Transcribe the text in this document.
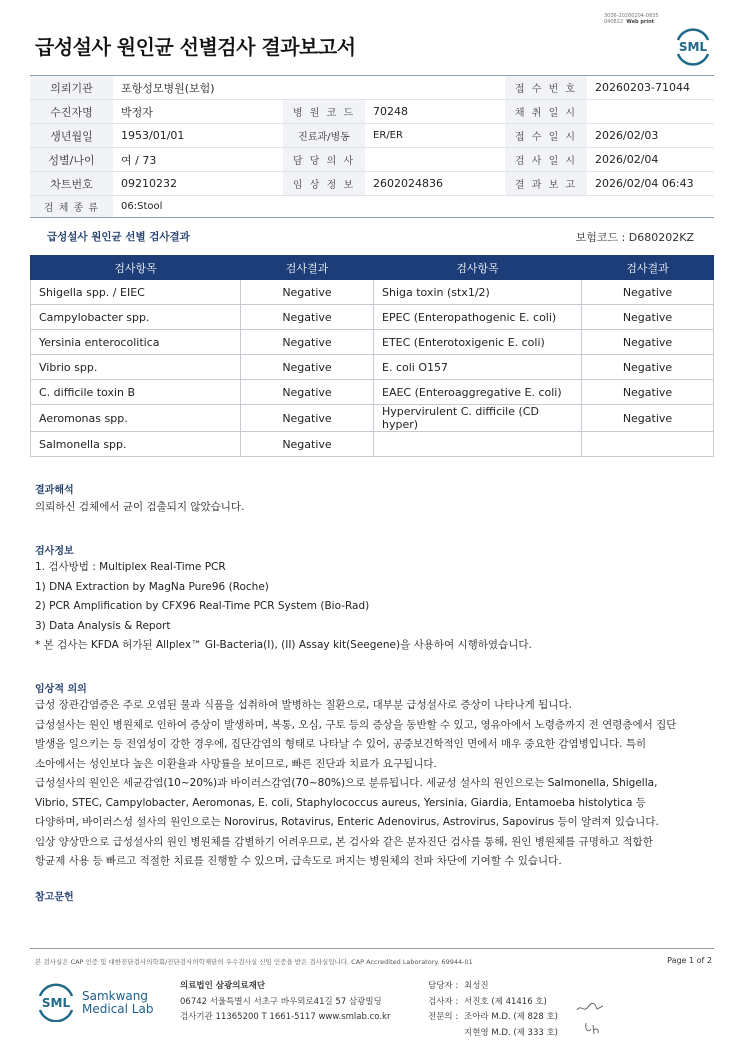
3036-20260204-0835
040822 Web print
급성설사 원인균 선별검사 결과보고서	SML
의뢰기관	포항성모병원(보험)			접 수 번 호	20260203-71044
수진자명	박정자	병 원 코 드	70248	채 취 일 시	
생년월일	1953/01/01	진료과/병동	ER/ER	접 수 일 시	2026/02/03
성별/나이	여 / 73	담 당 의 사		검 사 일 시	2026/02/04
차트번호	09210232	임 상 정 보	2602024836	결 과 보 고	2026/02/04 06:43
검 체 종 류	06:Stool				
급성설사 원인균 선별 검사결과	보험코드 : D680202KZ
검사항목	검사결과	검사항목	검사결과
Shigella spp. / EIEC	Negative	Shiga toxin (stx1/2)	Negative
Campylobacter spp.	Negative	EPEC (Enteropathogenic E. coli)	Negative
Yersinia enterocolitica	Negative	ETEC (Enterotoxigenic E. coli)	Negative
Vibrio spp.	Negative	E. coli O157	Negative
C. difficile toxin B	Negative	EAEC (Enteroaggregative E. coli)	Negative
Aeromonas spp.	Negative	Hypervirulent C. difficile (CD hyper)	Negative
Salmonella spp.	Negative		
결과해석
의뢰하신 검체에서 균이 검출되지 않았습니다.
검사정보
1. 검사방법 : Multiplex Real-Time PCR
1) DNA Extraction by MagNa Pure96 (Roche)
2) PCR Amplification by CFX96 Real-Time PCR System (Bio-Rad)
3) Data Analysis & Report
* 본 검사는 KFDA 허가된 Allplex™ GI-Bacteria(I), (II) Assay kit(Seegene)을 사용하여 시행하였습니다.
임상적 의의
급성 장관감염증은 주로 오염된 물과 식품을 섭취하여 발병하는 질환으로, 대부분 급성설사로 증상이 나타나게 됩니다.
급성설사는 원인 병원체로 인하여 증상이 발생하며, 복통, 오심, 구토 등의 증상을 동반할 수 있고, 영유아에서 노령층까지 전 연령층에서 집단
발생을 일으키는 등 전염성이 강한 경우에, 집단감염의 형태로 나타날 수 있어, 공중보건학적인 면에서 매우 중요한 감염병입니다. 특히
소아에서는 성인보다 높은 이환율과 사망률을 보이므로, 빠른 진단과 치료가 요구됩니다.
급성설사의 원인은 세균감염(10~20%)과 바이러스감염(70~80%)으로 분류됩니다. 세균성 설사의 원인으로는 Salmonella, Shigella,
Vibrio, STEC, Campylobacter, Aeromonas, E. coli, Staphylococcus aureus, Yersinia, Giardia, Entamoeba histolytica 등
다양하며, 바이러스성 설사의 원인으로는 Norovirus, Rotavirus, Enteric Adenovirus, Astrovirus, Sapovirus 등이 알려져 있습니다.
임상 양상만으로 급성설사의 원인 병원체를 감별하기 어려우므로, 본 검사와 같은 분자진단 검사를 통해, 원인 병원체를 규명하고 적합한
항균제 사용 등 빠르고 적절한 치료를 진행할 수 있으며, 급속도로 퍼지는 병원체의 전파 차단에 기여할 수 있습니다.
참고문헌
본 검사실은 CAP 인증 및 대한진단검사의학회/진단검사의학재단의 우수검사실 신임 인증을 받은 검사실입니다. CAP Accredited Laboratory. 69944-01	Page 1 of 2
SML Samkwang
Medical Lab
의료법인 삼광의료재단
06742 서울특별시 서초구 바우뫼로41길 57 삼광빌딩
검사기관 11365200 T 1661-5117 www.smlab.co.kr
담당자 : 최성진
검사자 : 서진호 (제 41416 호)
전문의 : 조아라 M.D. (제 828 호)
지현영 M.D. (제 333 호)
